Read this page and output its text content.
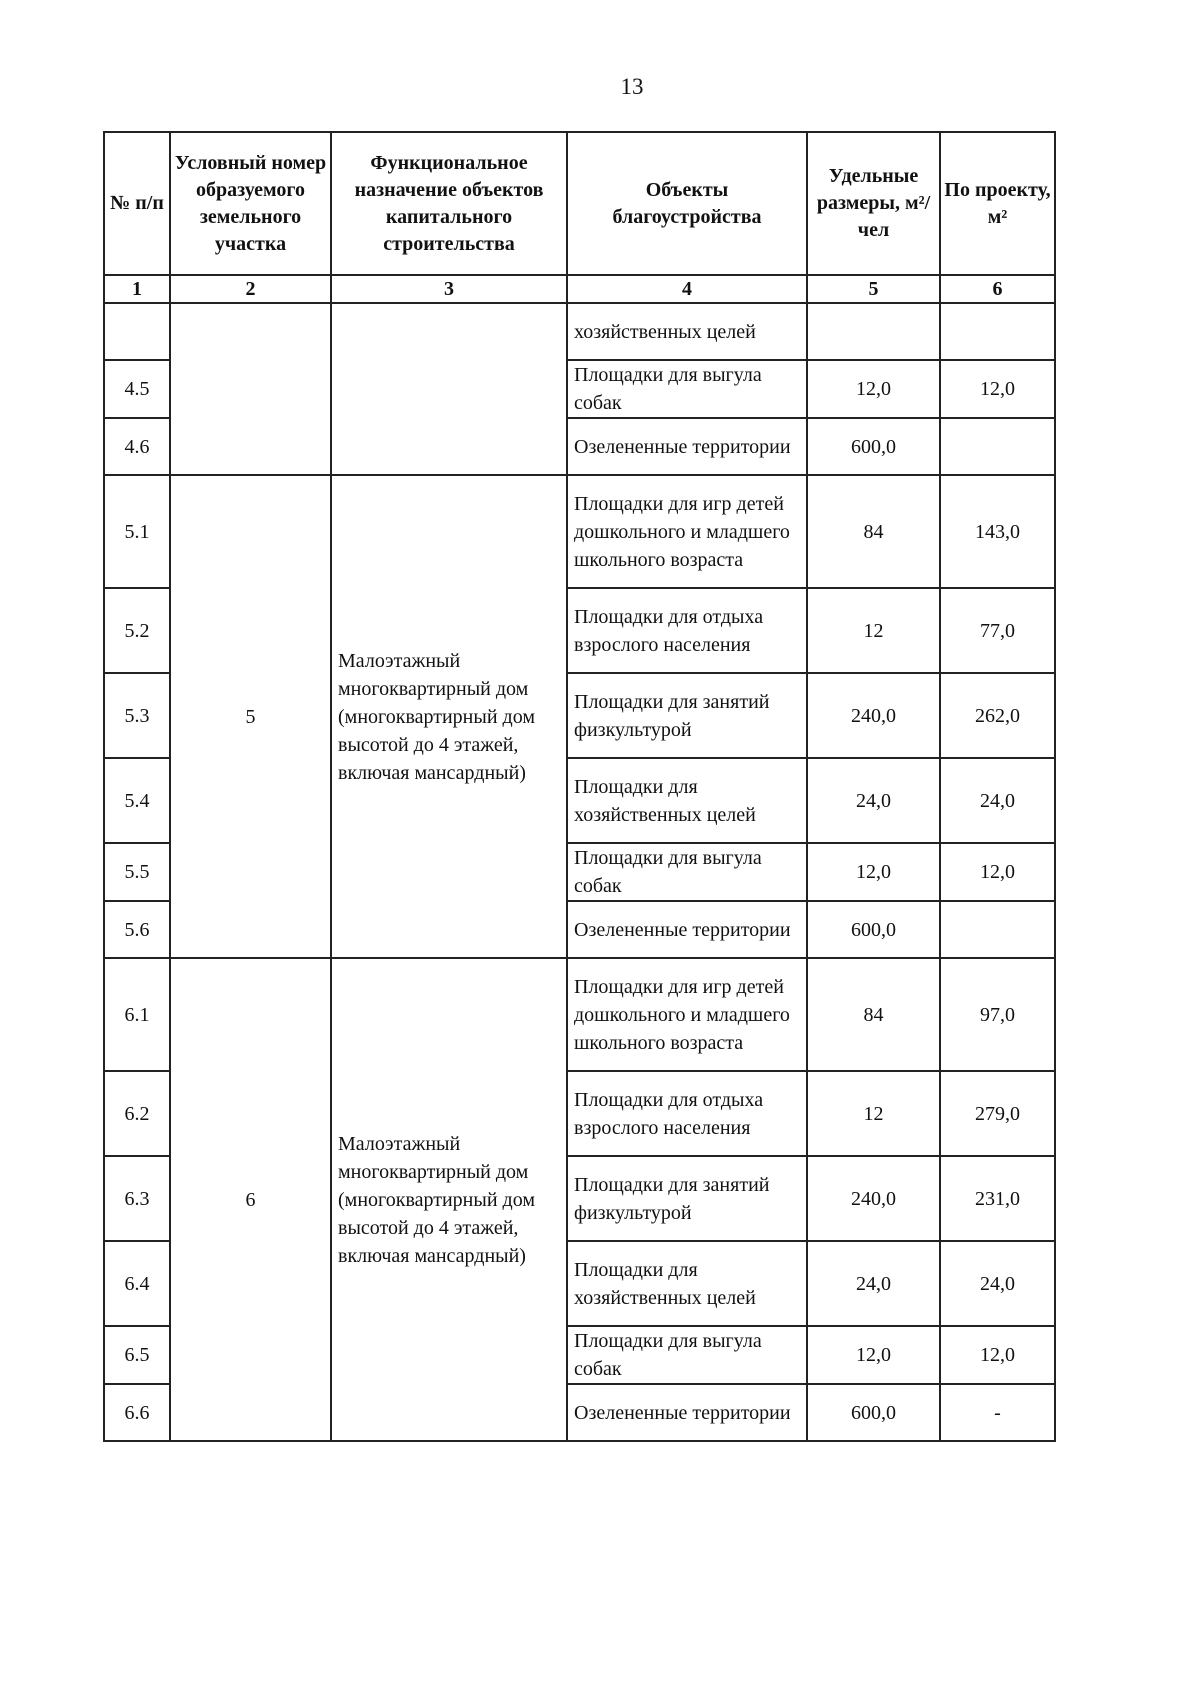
13
№ п/п	Условный номер образуемого земельного участка	Функциональное назначение объектов капитального строительства	Объекты благоустройства	Удельные размеры, м²/чел	По проекту, м²
1	2	3	4	5	6
			хозяйственных целей		
4.5			Площадки для выгула собак	12,0	12,0
4.6			Озелененные территории	600,0	
5.1	5	Малоэтажный многоквартирный дом (многоквартирный дом высотой до 4 этажей, включая мансардный)	Площадки для игр детей дошкольного и младшего школьного возраста	84	143,0
5.2			Площадки для отдыха взрослого населения	12	77,0
5.3			Площадки для занятий физкультурой	240,0	262,0
5.4			Площадки для хозяйственных целей	24,0	24,0
5.5			Площадки для выгула собак	12,0	12,0
5.6			Озелененные территории	600,0	
6.1	6	Малоэтажный многоквартирный дом (многоквартирный дом высотой до 4 этажей, включая мансардный)	Площадки для игр детей дошкольного и младшего школьного возраста	84	97,0
6.2			Площадки для отдыха взрослого населения	12	279,0
6.3			Площадки для занятий физкультурой	240,0	231,0
6.4			Площадки для хозяйственных целей	24,0	24,0
6.5			Площадки для выгула собак	12,0	12,0
6.6			Озелененные территории	600,0	-
